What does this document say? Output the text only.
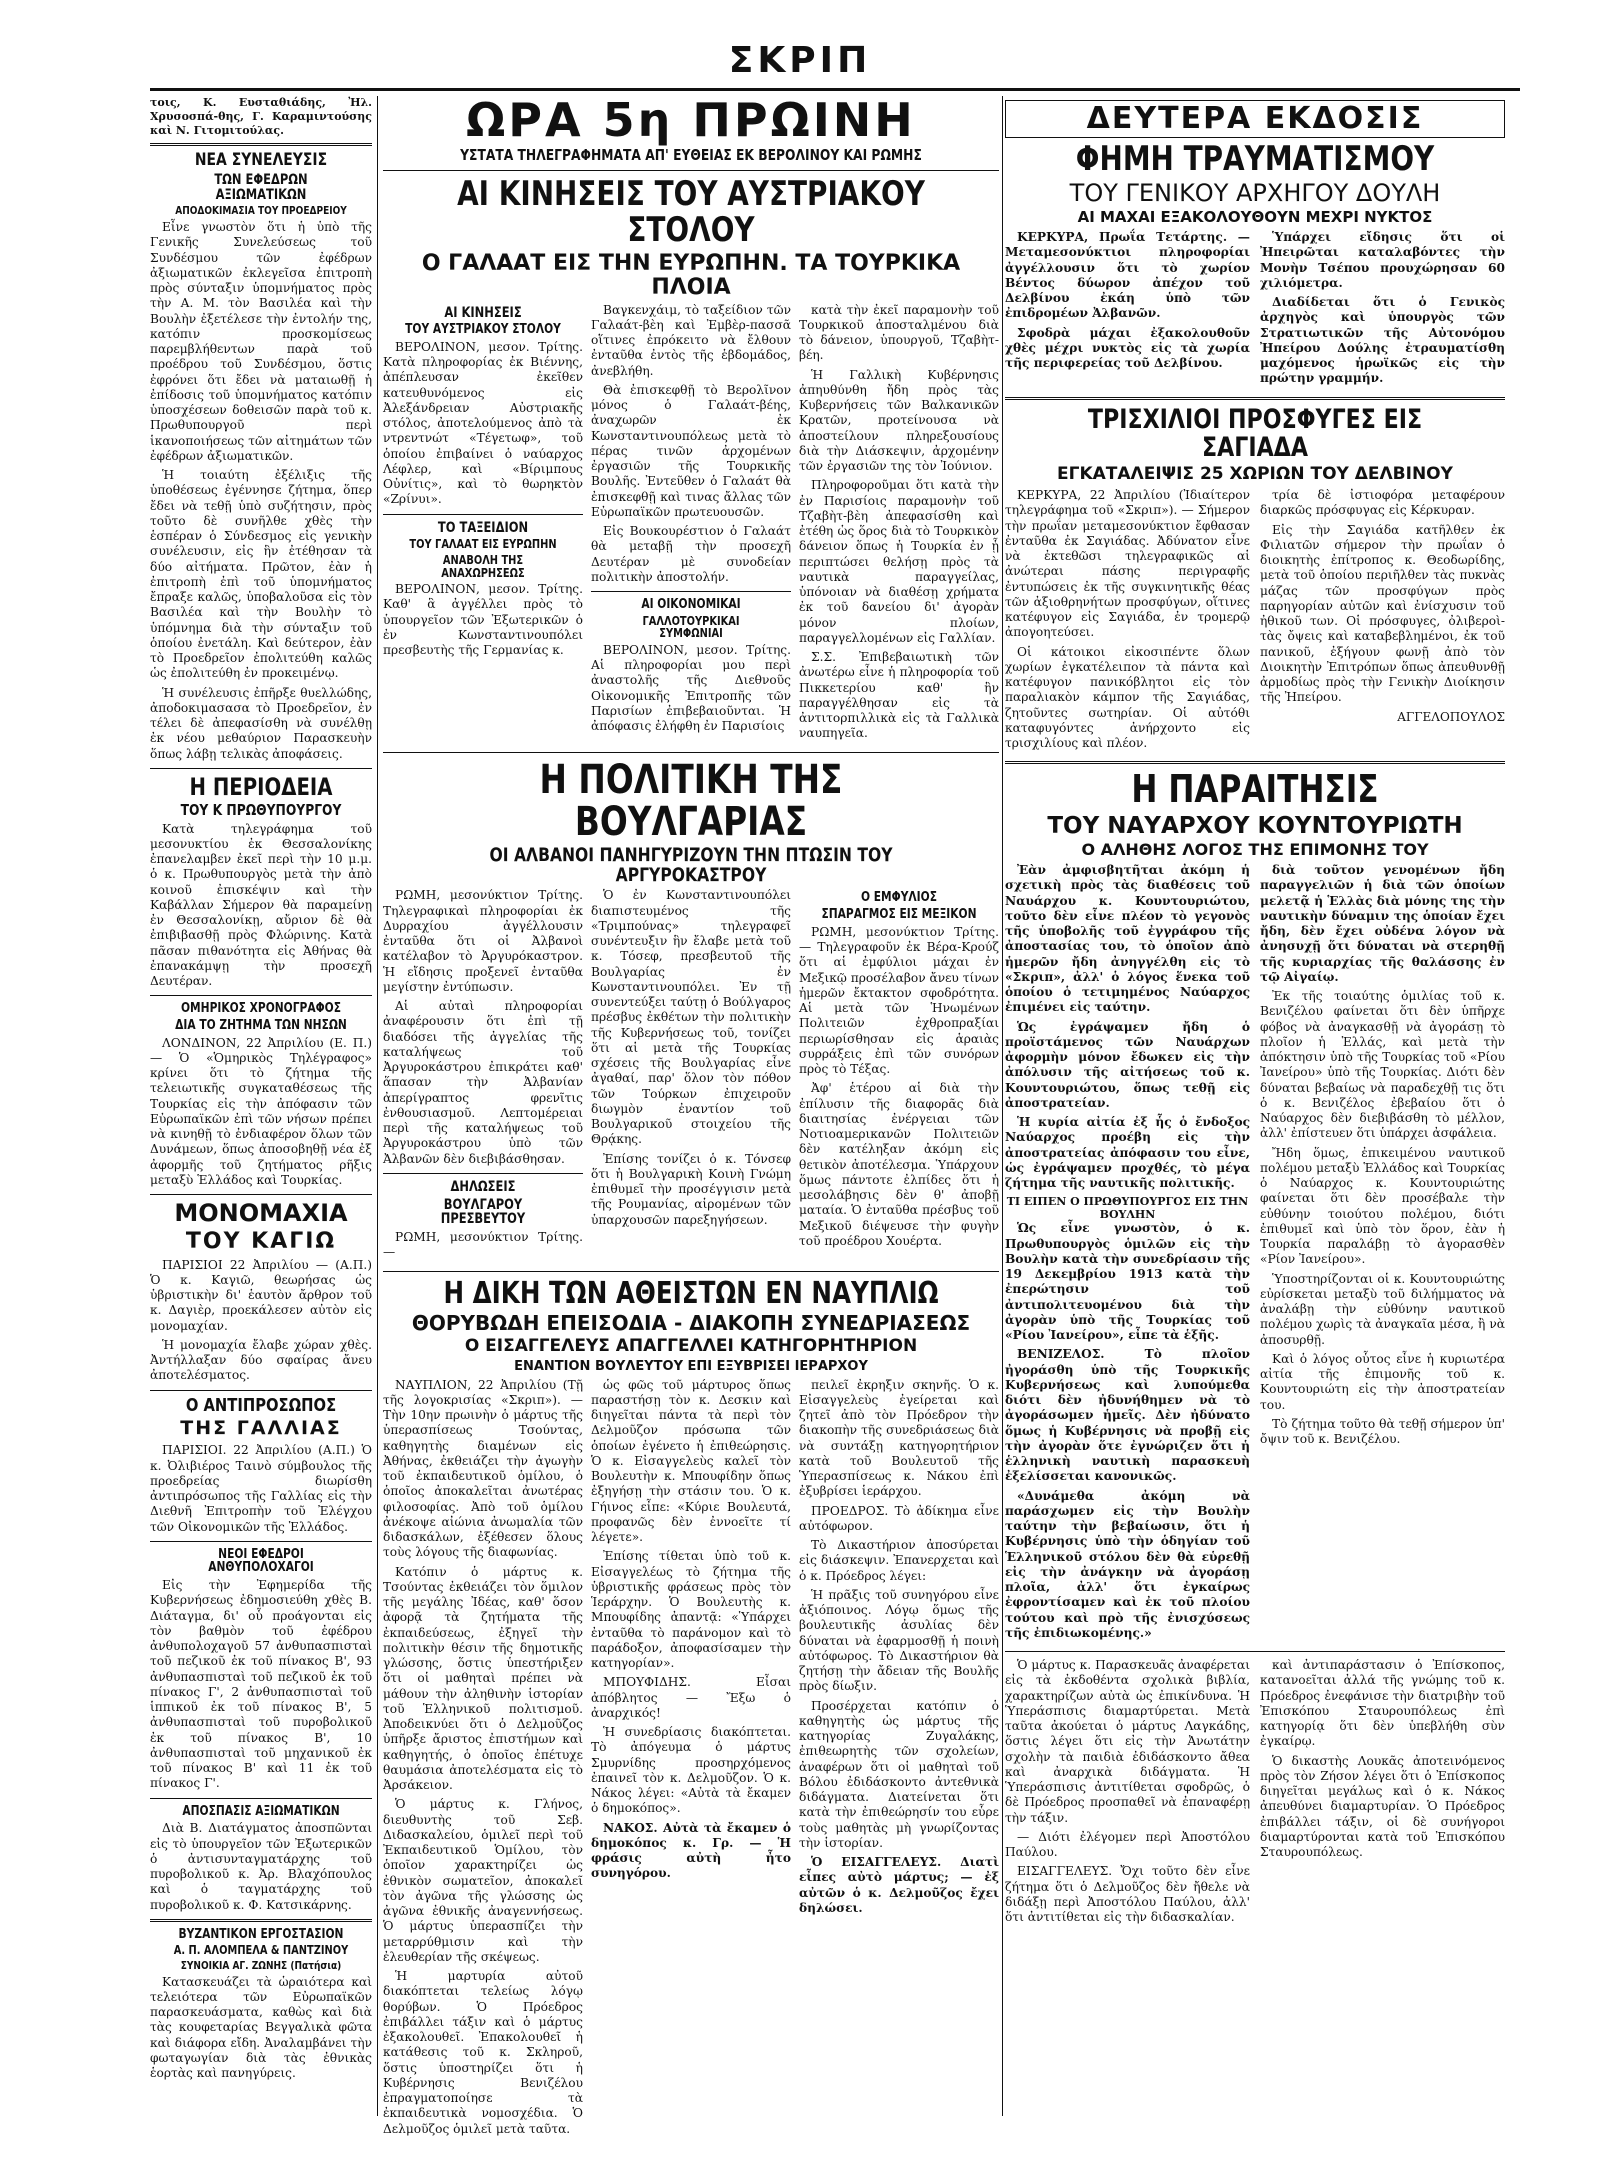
ΣΚΡΙΠ

τοις, Κ. Ευσταθιάδης, Ἠλ. Χρυσοσπά-θης, Γ. Καραμιντούσης καὶ Ν. Γιτομιτούλας.

ΝΕΑ ΣΥΝΕΛΕΥΣΙΣ
ΤΩΝ ΕΦΕΔΡΩΝ ΑΞΙΩΜΑΤΙΚΩΝ
ΑΠΟΔΟΚΙΜΑΣΙΑ ΤΟΥ ΠΡΟΕΔΡΕΙΟΥ

Εἶνε γνωστὸν ὅτι ἡ ὑπὸ τῆς Γενικῆς Συνελεύσεως τοῦ Συνδέσμου τῶν ἐφέδρων ἀξιωματικῶν ἐκλεγεῖσα ἐπιτροπὴ πρὸς σύνταξιν ὑπομνήματος πρὸς τὴν Α. Μ. τὸν Βασιλέα καὶ τὴν Βουλὴν ἐξετέλεσε τὴν ἐντολήν της, κατόπιν προσκομίσεως παρεμβλήθεντων παρὰ τοῦ προέδρου τοῦ Συνδέσμου, ὅστις ἐφρόνει ὅτι ἔδει νὰ ματαιωθῇ ἡ ἐπίδοσις τοῦ ὑπομνήματος κατόπιν ὑποσχέσεων δοθεισῶν παρὰ τοῦ κ. Πρωθυπουργοῦ περὶ ἱκανοποιήσεως τῶν αἰτημάτων τῶν ἐφέδρων ἀξιωματικῶν.

Ἡ τοιαύτη ἐξέλιξις τῆς ὑποθέσεως ἐγέννησε ζήτημα, ὅπερ ἔδει νὰ τεθῇ ὑπὸ συζήτησιν, πρὸς τοῦτο δὲ συνῆλθε χθὲς τὴν ἑσπέραν ὁ Σύνδεσμος εἰς γενικὴν συνέλευσιν, εἰς ἣν ἐτέθησαν τὰ δύο αἰτήματα. Πρῶτον, ἐὰν ἡ ἐπιτροπὴ ἐπὶ τοῦ ὑπομνήματος ἔπραξε καλῶς, ὑποβαλοῦσα εἰς τὸν Βασιλέα καὶ τὴν Βουλὴν τὸ ὑπόμνημα διὰ τὴν σύνταξιν τοῦ ὁποίου ἐνετάλη. Καὶ δεύτερον, ἐὰν τὸ Προεδρεῖον ἐπολιτεύθη καλῶς ὡς ἐπολιτεύθη ἐν προκειμένῳ.

Ἡ συνέλευσις ἐπῆρξε θυελλώδης, ἀποδοκιμασασα τὸ Προεδρεῖον, ἐν τέλει δὲ ἀπεφασίσθη νὰ συνέλθῃ ἐκ νέου μεθαύριον Παρασκευὴν ὅπως λάβῃ τελικὰς ἀποφάσεις.

Η ΠΕΡΙΟΔΕΙΑ
ΤΟΥ Κ ΠΡΩΘΥΠΟΥΡΓΟΥ

Κατὰ τηλεγράφημα τοῦ μεσονυκτίου ἐκ Θεσσαλονίκης ἐπανελαμβεν ἐκεῖ περὶ τὴν 10 μ.μ. ὁ κ. Πρωθυπουργὸς μετὰ τὴν ἀπὸ κοινοῦ ἐπισκέψιν καὶ τὴν Καβάλλαν Σήμερον θὰ παραμείνῃ ἐν Θεσσαλονίκῃ, αὔριον δὲ θὰ ἐπιβιβασθῇ πρὸς Φλώρινης. Κατὰ πᾶσαν πιθανότητα εἰς Ἀθήνας θὰ ἐπανακάμψῃ τὴν προσεχῆ Δευτέραν.

ΟΜΗΡΙΚΟΣ ΧΡΟΝΟΓΡΑΦΟΣ
ΔΙΑ ΤΟ ΖΗΤΗΜΑ ΤΩΝ ΝΗΣΩΝ

ΛΟΝΔΙΝΟΝ, 22 Ἀπριλίου (Ε. Π.) — Ὁ «Ὁμηρικὸς Τηλέγραφος» κρίνει ὅτι τὸ ζήτημα τῆς τελειωτικῆς συγκαταθέσεως τῆς Τουρκίας εἰς τὴν ἀπόφασιν τῶν Εὐρωπαϊκῶν ἐπὶ τῶν νήσων πρέπει νὰ κινηθῇ τὸ ἐνδιαφέρον ὅλων τῶν Δυνάμεων, ὅπως ἀποσοβηθῇ νέα ἐξ ἀφορμῆς τοῦ ζητήματος ρῆξις μεταξὺ Ἑλλάδος καὶ Τουρκίας.

ΜΟΝΟΜΑΧΙΑ
ΤΟΥ ΚΑΓΙΩ

ΠΑΡΙΣΙΟΙ 22 Ἀπριλίου — (Α.Π.) Ὁ κ. Καγιῶ, θεωρήσας ὡς ὑβριστικὴν δι' ἑαυτὸν ἄρθρον τοῦ κ. Δαγιὲρ, προεκάλεσεν αὐτὸν εἰς μονομαχίαν.

Ἡ μονομαχία ἔλαβε χώραν χθὲς. Ἀντήλλαξαν δύο σφαίρας ἄνευ ἀποτελέσματος.

Ο ΑΝΤΙΠΡΟΣΩΠΟΣ
ΤΗΣ ΓΑΛΛΙΑΣ

ΠΑΡΙΣΙΟΙ. 22 Ἀπριλίου (Α.Π.) Ὁ κ. Ὀλιβιέρος Ταινὸ σύμβουλος τῆς προεδρείας διωρίσθη ἀντιπρόσωπος τῆς Γαλλίας εἰς τὴν Διεθνῆ Ἐπιτροπὴν τοῦ Ἐλέγχου τῶν Οἰκονομικῶν τῆς Ἑλλάδος.

ΝΕΟΙ ΕΦΕΔΡΟΙ ΑΝΘΥΠΟΛΟΧΑΓΟΙ

Εἰς τὴν Ἐφημερίδα τῆς Κυβερνήσεως ἐδημοσιεύθη χθὲς Β. Διάταγμα, δι' οὗ προάγονται εἰς τὸν βαθμὸν τοῦ ἐφέδρου ἀνθυπολοχαγοῦ 57 ἀνθυπασπισταὶ τοῦ πεζικοῦ ἐκ τοῦ πίνακος Β', 93 ἀνθυπασπισταὶ τοῦ πεζικοῦ ἐκ τοῦ πίνακος Γ', 2 ἀνθυπασπισταὶ τοῦ ἱππικοῦ ἐκ τοῦ πίνακος Β', 5 ἀνθυπασπισταὶ τοῦ πυροβολικοῦ ἐκ τοῦ πίνακος Β', 10 ἀνθυπασπισταὶ τοῦ μηχανικοῦ ἐκ τοῦ πίνακος Β' καὶ 11 ἐκ τοῦ πίνακος Γ'.

ΑΠΟΣΠΑΣΙΣ ΑΞΙΩΜΑΤΙΚΩΝ

Διὰ Β. Διατάγματος ἀποσπῶνται εἰς τὸ ὑπουργεῖον τῶν Ἐξωτερικῶν ὁ ἀντισυνταγματάρχης τοῦ πυροβολικοῦ κ. Ἀρ. Βλαχόπουλος καὶ ὁ ταγματάρχης τοῦ πυροβολικοῦ κ. Φ. Κατσικάρνης.

ΒΥΖΑΝΤΙΚΟΝ ΕΡΓΟΣΤΑΣΙΟΝ
Α. Π. ΑΛΟΜΠΕΛΑ & ΠΑΝΤΖΙΝΟΥ
ΣΥΝΟΙΚΙΑ ΑΓ. ΖΩΝΗΣ (Πατήσια)

Κατασκευάζει τὰ ὡραιότερα καὶ τελειότερα τῶν Εὐρωπαϊκῶν παρασκευάσματα, καθὼς καὶ διὰ τὰς κουφεταρίας Βεγγαλικὰ φῶτα καὶ διάφορα εἴδη. Ἀναλαμβάνει τὴν φωταγωγίαν διὰ τὰς ἐθνικὰς ἑορτὰς καὶ πανηγύρεις.

ΩΡΑ 5η ΠΡΩΙΝΗ
ΥΣΤΑΤΑ ΤΗΛΕΓΡΑΦΗΜΑΤΑ ΑΠ' ΕΥΘΕΙΑΣ ΕΚ ΒΕΡΟΛΙΝΟΥ ΚΑΙ ΡΩΜΗΣ
ΑΙ ΚΙΝΗΣΕΙΣ ΤΟΥ ΑΥΣΤΡΙΑΚΟΥ ΣΤΟΛΟΥ
Ο ΓΑΛΑΑΤ ΕΙΣ ΤΗΝ ΕΥΡΩΠΗΝ. ΤΑ ΤΟΥΡΚΙΚΑ ΠΛΟΙΑ
ΑΙ ΚΙΝΗΣΕΙΣ
ΤΟΥ ΑΥΣΤΡΙΑΚΟΥ ΣΤΟΛΟΥ

ΒΕΡΟΛΙΝΟΝ, μεσον. Τρίτης. Κατὰ πληροφορίας ἐκ Βιέννης, ἀπέπλευσαν ἐκεῖθεν κατευθυνόμενος εἰς Ἀλεξάνδρειαν Αὐστριακῆς στόλος, ἀποτελούμενος ἀπὸ τὰ ντρεντνώτ «Τέγετωφ», τοῦ ὁποίου ἐπιβαίνει ὁ ναύαρχος Λέφλερ, καὶ «Βίριμπους Οὐνίτις», καὶ τὸ θωρηκτὸν «Ζρίνυι».

ΤΟ ΤΑΞΕΙΔΙΟΝ
ΤΟΥ ΓΑΛΑΑΤ ΕΙΣ ΕΥΡΩΠΗΝ
ΑΝΑΒΟΛΗ ΤΗΣ ΑΝΑΧΩΡΗΣΕΩΣ

ΒΕΡΟΛΙΝΟΝ, μεσον. Τρίτης. Καθ' ἃ ἀγγέλλει πρὸς τὸ ὑπουργεῖον τῶν Ἐξωτερικῶν ὁ ἐν Κωνσταντινουπόλει πρεσβευτὴς τῆς Γερμανίας κ.

Βαγκενχάιμ, τὸ ταξείδιον τῶν Γαλαάτ-βὲη καὶ Ἐμβὲρ-πασσᾶ οἵτινες ἐπρόκειτο νὰ ἔλθουν ἐνταῦθα ἐντὸς τῆς ἑβδομάδος, ἀνεβλήθη.

Θὰ ἐπισκεφθῇ τὸ Βερολῖνον μόνος ὁ Γαλαάτ-βέης, ἀναχωρῶν ἐκ Κωνσταντινουπόλεως μετὰ τὸ πέρας τινῶν ἀρχομένων ἐργασιῶν τῆς Τουρκικῆς Βουλῆς. Ἐντεῦθεν ὁ Γαλαάτ θὰ ἐπισκεφθῇ καὶ τινας ἄλλας τῶν Εὐρωπαϊκῶν πρωτευουσῶν.

Εἰς Βουκουρέστιον ὁ Γαλαάτ θὰ μεταβῇ τὴν προσεχῆ Δευτέραν μὲ συνοδείαν πολιτικὴν ἀποστολήν.

ΑΙ ΟΙΚΟΝΟΜΙΚΑΙ
ΓΑΛΛΟΤΟΥΡΚΙΚΑΙ ΣΥΜΦΩΝΙΑΙ

ΒΕΡΟΛΙΝΟΝ, μεσον. Τρίτης. Αἱ πληροφορίαι μου περὶ ἀναστολῆς τῆς Διεθνοῦς Οἰκονομικῆς Ἐπιτροπῆς τῶν Παρισίων ἐπιβεβαιοῦνται. Ἡ ἀπόφασις ἐλήφθη ἐν Παρισίοις

κατὰ τὴν ἐκεῖ παραμονὴν τοῦ Τουρκικοῦ ἀποσταλμένου διὰ τὸ δάνειον, ὑπουργοῦ, Τζαβὴτ-βέη.

Ἡ Γαλλικὴ Κυβέρνησις ἀπηυθύνθη ἤδη πρὸς τὰς Κυβερνήσεις τῶν Βαλκανικῶν Κρατῶν, προτείνουσα νὰ ἀποστείλουν πληρεξουσίους διὰ τὴν Διάσκεψιν, ἀρχομένην τῶν ἐργασιῶν της τὸν Ἰούνιον.

Πληροφοροῦμαι ὅτι κατὰ τὴν ἐν Παρισίοις παραμονὴν τοῦ Τζαβὴτ-βὲη ἀπεφασίσθη καὶ ἐτέθη ὡς ὅρος διὰ τὸ Τουρκικὸν δάνειον ὅπως ἡ Τουρκία ἐν ᾗ περιπτώσει θελήσῃ πρὸς τὰ ναυτικὰ παραγγείλας, ὑπόνοιαν νὰ διαθέσῃ χρήματα ἐκ τοῦ δανείου δι' ἀγορὰν μόνον πλοίων, παραγγελλομένων εἰς Γαλλίαν.

Σ.Σ. Ἐπιβεβαιωτικὴ τῶν ἀνωτέρω εἶνε ἡ πληροφορία τοῦ Πικκετερίου καθ' ἣν παραγγέλθησαν εἰς τὰ ἀντιτορπιλλικὰ εἰς τὰ Γαλλικὰ ναυπηγεῖα.

Η ΠΟΛΙΤΙΚΗ ΤΗΣ ΒΟΥΛΓΑΡΙΑΣ
ΟΙ ΑΛΒΑΝΟΙ ΠΑΝΗΓΥΡΙΖΟΥΝ ΤΗΝ ΠΤΩΣΙΝ ΤΟΥ ΑΡΓΥΡΟΚΑΣΤΡΟΥ

ΡΩΜΗ, μεσονύκτιον Τρίτης. Τηλεγραφικαὶ πληροφορίαι ἐκ Δυρραχίου ἀγγέλλουσιν ἐνταῦθα ὅτι οἱ Ἀλβανοὶ κατέλαβον τὸ Ἀργυρόκαστρον. Ἡ εἴδησις προξενεῖ ἐνταῦθα μεγίστην ἐντύπωσιν.

Αἱ αὐταὶ πληροφορίαι ἀναφέρουσιν ὅτι ἐπὶ τῇ διαδόσει τῆς ἀγγελίας τῆς καταλήψεως τοῦ Ἀργυροκάστρου ἐπικράτει καθ' ἅπασαν τὴν Ἀλβανίαν ἀπερίγραπτος φρενῖτις ἐνθουσιασμοῦ. Λεπτομέρειαι περὶ τῆς καταλήψεως τοῦ Ἀργυροκάστρου ὑπὸ τῶν Ἀλβανῶν δὲν διεβιβάσθησαν.

ΔΗΛΩΣΕΙΣ
ΒΟΥΛΓΑΡΟΥ ΠΡΕΣΒΕΥΤΟΥ

ΡΩΜΗ, μεσονύκτιον Τρίτης. —

Ὁ ἐν Κωνσταντινουπόλει διαπιστευμένος τῆς «Τριμπούνας» τηλεγραφεῖ συνέντευξιν ἣν ἔλαβε μετὰ τοῦ κ. Τόσεφ, πρεσβευτοῦ τῆς Βουλγαρίας ἐν Κωνσταντινουπόλει. Ἐν τῇ συνεντεύξει ταύτῃ ὁ Βούλγαρος πρέσβυς ἐκθέτων τὴν πολιτικὴν τῆς Κυβερνήσεως τοῦ, τονίζει ὅτι αἱ μετὰ τῆς Τουρκίας σχέσεις τῆς Βουλγαρίας εἶνε ἀγαθαί, παρ' ὅλον τὸν πόθον τῶν Τούρκων ἐπιχειροῦν διωγμὸν ἐναντίον τοῦ Βουλγαρικοῦ στοιχείου τῆς Θρᾴκης.

Ἐπίσης τονίζει ὁ κ. Τόνσεφ ὅτι ἡ Βουλγαρικὴ Κοινὴ Γνώμη ἐπιθυμεῖ τὴν προσέγγισιν μετὰ τῆς Ρουμανίας, αἱρομένων τῶν ὑπαρχουσῶν παρεξηγήσεων.

Ο ΕΜΦΥΛΙΟΣ
ΣΠΑΡΑΓΜΟΣ ΕΙΣ ΜΕΞΙΚΟΝ

ΡΩΜΗ, μεσονύκτιον Τρίτης. — Τηλεγραφοῦν ἐκ Βέρα-Κρούζ ὅτι αἱ ἐμφύλιοι μάχαι ἐν Μεξικῷ προσέλαβον ἄνευ τίνων ἡμερῶν ἔκτακτον σφοδρότητα. Αἱ μετὰ τῶν Ἡνωμένων Πολιτειῶν ἐχθροπραξίαι περιωρίσθησαν εἰς ἁραιὰς συρράξεις ἐπὶ τῶν συνόρων πρὸς τὸ Τέξας.

Ἀφ' ἑτέρου αἱ διὰ τὴν ἐπίλυσιν τῆς διαφορᾶς διὰ διαιτησίας ἐνέργειαι τῶν Νοτιοαμερικανῶν Πολιτειῶν δὲν κατέληξαν ἀκόμη εἰς θετικὸν ἀποτέλεσμα. Ὑπάρχουν ὅμως πάντοτε ἐλπίδες ὅτι ἡ μεσολάβησις δὲν θ' ἀποβῇ ματαία. Ὁ ἐνταῦθα πρέσβυς τοῦ Μεξικοῦ διέψευσε τὴν φυγὴν τοῦ προέδρου Χουέρτα.

Η ΔΙΚΗ ΤΩΝ ΑΘΕΙΣΤΩΝ ΕΝ ΝΑΥΠΛΙΩ
ΘΟΡΥΒΩΔΗ ΕΠΕΙΣΟΔΙΑ - ΔΙΑΚΟΠΗ ΣΥΝΕΔΡΙΑΣΕΩΣ
Ο ΕΙΣΑΓΓΕΛΕΥΣ ΑΠΑΓΓΕΛΛΕΙ ΚΑΤΗΓΟΡΗΤΗΡΙΟΝ
ΕΝΑΝΤΙΟΝ ΒΟΥΛΕΥΤΟΥ ΕΠΙ ΕΞΥΒΡΙΣΕΙ ΙΕΡΑΡΧΟΥ

ΝΑΥΠΛΙΟΝ, 22 Ἀπριλίου (Τῇ τῆς λογοκρισίας «Σκριπ»). — Τὴν 10ην πρωινὴν ὁ μάρτυς τῆς ὑπερασπίσεως Τσούντας, καθηγητὴς διαμένων εἰς Ἀθήνας, ἐκθειάζει τὴν ἀγωγὴν τοῦ ἐκπαιδευτικοῦ ὁμίλου, ὁ ὁποῖος ἀποκαλεῖται ἀνωτέρας φιλοσοφίας. Ἀπὸ τοῦ ὁμίλου ἀνέκοψε αἰώνια ἀνωμαλία τῶν διδασκάλων, ἐξέθεσεν ὅλους τοὺς λόγους τῆς διαφωνίας.

Κατόπιν ὁ μάρτυς κ. Τσούντας ἐκθειάζει τὸν ὅμιλον τῆς μεγάλης Ἰδέας, καθ' ὅσον ἀφορᾷ τὰ ζητήματα τῆς ἐκπαιδεύσεως, ἐξηγεῖ τὴν πολιτικὴν θέσιν τῆς δημοτικῆς γλώσσης, ὅστις ὑπεστήριξεν ὅτι οἱ μαθηταὶ πρέπει νὰ μάθουν τὴν ἀληθινὴν ἱστορίαν τοῦ Ἑλληνικοῦ πολιτισμοῦ. Ἀποδεικνύει ὅτι ὁ Δελμοῦζος ὑπῆρξε ἄριστος ἐπιστήμων καὶ καθηγητής, ὁ ὁποῖος ἐπέτυχε θαυμάσια ἀποτελέσματα εἰς τὸ Ἀρσάκειον.

Ὁ μάρτυς κ. Γλήνος, διευθυντὴς τοῦ Σεβ. Διδασκαλείου, ὁμιλεῖ περὶ τοῦ Ἐκπαιδευτικοῦ Ὁμίλου, τὸν ὁποῖον χαρακτηρίζει ὡς ἐθνικὸν σωματεῖον, ἀποκαλεῖ τὸν ἀγῶνα τῆς γλώσσης ὡς ἀγῶνα ἐθνικῆς ἀναγεννήσεως. Ὁ μάρτυς ὑπερασπίζει τὴν μεταρρύθμισιν καὶ τὴν ἐλευθερίαν τῆς σκέψεως.

Ἡ μαρτυρία αὐτοῦ διακόπτεται τελείως λόγῳ θορύβων. Ὁ Πρόεδρος ἐπιβάλλει τάξιν καὶ ὁ μάρτυς ἐξακολουθεῖ. Ἐπακολουθεῖ ἡ κατάθεσις τοῦ κ. Σκληροῦ, ὅστις ὑποστηρίζει ὅτι ἡ Κυβέρνησις Βενιζέλου ἐπραγματοποίησε τὰ ἐκπαιδευτικὰ νομοσχέδια. Ὁ Δελμοῦζος ὁμιλεῖ μετὰ ταῦτα.

ὡς φῶς τοῦ μάρτυρος ὅπως παραστήσῃ τὸν κ. Δεσκιν καὶ διηγεῖται πάντα τὰ περὶ τὸν Δελμοῦζον πρόσωπα τῶν ὁποίων ἐγένετο ἡ ἐπιθεώρησις. Ὁ κ. Εἰσαγγελεὺς καλεῖ τὸν Βουλευτὴν κ. Μπουφίδην ὅπως ἐξηγήσῃ τὴν στάσιν του. Ὁ κ. Γήινος εἶπε: «Κύριε Βουλευτά, προφανῶς δὲν ἐννοεῖτε τί λέγετε».

Ἐπίσης τίθεται ὑπὸ τοῦ κ. Εἰσαγγελέως τὸ ζήτημα τῆς ὑβριστικῆς φράσεως πρὸς τὸν Ἱεράρχην. Ὁ Βουλευτὴς κ. Μπουφίδης ἀπαντᾷ: «Ὑπάρχει ἐνταῦθα τὸ παράνομον καὶ τὸ παράδοξον, ἀποφασίσαμεν τὴν κατηγορίαν».

ΜΠΟΥΦΙΔΗΣ. Εἶσαι ἀπόβλητος — Ἔξω ὁ ἀναρχικός!

Ἡ συνεδρίασις διακόπτεται. Τὸ ἀπόγευμα ὁ μάρτυς Σμυρνίδης προσηρχόμενος ἐπαινεῖ τὸν κ. Δελμοῦζον. Ὁ κ. Νάκος λέγει: «Αὐτὰ τὰ ἔκαμεν ὁ δημοκόπος».

ΝΑΚΟΣ. Αὐτὰ τὰ ἔκαμεν ὁ δημοκόπος κ. Γρ. — Ἡ φράσις αὐτὴ ἦτο συνηγόρου.

πειλεῖ ἐκρηξιν σκηνῆς. Ὁ κ. Εἰσαγγελεὺς ἐγείρεται καὶ ζητεῖ ἀπὸ τὸν Πρόεδρον τὴν διακοπὴν τῆς συνεδριάσεως διὰ νὰ συντάξῃ κατηγορητήριον κατὰ τοῦ Βουλευτοῦ τῆς Ὑπερασπίσεως κ. Νάκου ἐπὶ ἐξυβρίσει ἱεράρχου.

ΠΡΟΕΔΡΟΣ. Τὸ ἀδίκημα εἶνε αὐτόφωρον.

Τὸ Δικαστήριον ἀποσύρεται εἰς διάσκεψιν. Ἐπανερχεται καὶ ὁ κ. Πρόεδρος λέγει:

Ἡ πρᾶξις τοῦ συνηγόρου εἶνε ἀξιόποινος. Λόγῳ ὅμως τῆς βουλευτικῆς ἀσυλίας δὲν δύναται νὰ ἐφαρμοσθῇ ἡ ποινὴ αὐτόφωρος. Τὸ Δικαστήριον θὰ ζητήσῃ τὴν ἄδειαν τῆς Βουλῆς πρὸς δίωξιν.

Προσέρχεται κατόπιν ὁ καθηγητὴς ὡς μάρτυς τῆς κατηγορίας Ζυγαλάκης, ἐπιθεωρητὴς τῶν σχολείων, ἀναφέρων ὅτι οἱ μαθηταὶ τοῦ Βόλου ἐδιδάσκοντο ἀντεθνικὰ διδάγματα. Διατείνεται ὅτι κατὰ τὴν ἐπιθεώρησίν του εὗρε τοὺς μαθητὰς μὴ γνωρίζοντας τὴν ἱστορίαν.

Ὁ ΕΙΣΑΓΓΕΛΕΥΣ. Διατὶ εἶπες αὐτὸ μάρτυς; — ἐξ αὐτῶν ὁ κ. Δελμοῦζος ἔχει δηλώσει.

ΔΕΥΤΕΡΑ ΕΚΔΟΣΙΣ
ΦΗΜΗ ΤΡΑΥΜΑΤΙΣΜΟΥ
ΤΟΥ ΓΕΝΙΚΟΥ ΑΡΧΗΓΟΥ ΔΟΥΛΗ
ΑΙ ΜΑΧΑΙ ΕΞΑΚΟΛΟΥΘΟΥΝ ΜΕΧΡΙ ΝΥΚΤΟΣ

ΚΕΡΚΥΡΑ, Πρωΐα Τετάρτης. — Μεταμεσονύκτιοι πληροφορίαι ἀγγέλλουσιν ὅτι τὸ χωρίον Βέντος δύωρον ἀπέχον τοῦ Δελβίνου ἐκάη ὑπὸ τῶν ἐπιδρομέων Ἀλβανῶν.

Σφοδρὰ μάχαι ἐξακολουθοῦν χθὲς μέχρι νυκτὸς εἰς τὰ χωρία τῆς περιφερείας τοῦ Δελβίνου.

Ὑπάρχει εἴδησις ὅτι οἱ Ἠπειρῶται καταλαβόντες τὴν Μονὴν Τσέπου προυχώρησαν 60 χιλιόμετρα.

Διαδίδεται ὅτι ὁ Γενικὸς ἀρχηγὸς καὶ ὑπουργὸς τῶν Στρατιωτικῶν τῆς Αὐτονόμου Ἠπείρου Δούλης ἐτραυματίσθη μαχόμενος ἡρωϊκῶς εἰς τὴν πρώτην γραμμήν.

ΤΡΙΣΧΙΛΙΟΙ ΠΡΟΣΦΥΓΕΣ ΕΙΣ ΣΑΓΙΑΔΑ
ΕΓΚΑΤΑΛΕΙΨΙΣ 25 ΧΩΡΙΩΝ ΤΟΥ ΔΕΛΒΙΝΟΥ

ΚΕΡΚΥΡΑ, 22 Ἀπριλίου (Ἰδιαίτερον τηλεγράφημα τοῦ «Σκριπ»). — Σήμερον τὴν πρωΐαν μεταμεσονύκτιον ἔφθασαν ἐνταῦθα ἐκ Σαγιάδας. Ἀδύνατον εἶνε νὰ ἐκτεθῶσι τηλεγραφικῶς αἱ ἀνώτεραι πάσης περιγραφῆς ἐντυπώσεις ἐκ τῆς συγκινητικῆς θέας τῶν ἀξιοθρηνήτων προσφύγων, οἵτινες κατέφυγον εἰς Σαγιάδα, ἐν τρομερῷ ἀπογοητεύσει.

Οἱ κάτοικοι εἰκοσιπέντε ὅλων χωρίων ἐγκατέλειπον τὰ πάντα καὶ κατέφυγον πανικόβλητοι εἰς τὸν παραλιακὸν κάμπον τῆς Σαγιάδας, ζητοῦντες σωτηρίαν. Οἱ αὐτόθι καταφυγόντες ἀνήρχοντο εἰς τρισχιλίους καὶ πλέον.

τρία δὲ ἰστιοφόρα μεταφέρουν διαρκῶς πρόσφυγας εἰς Κέρκυραν.

Εἰς τὴν Σαγιάδα κατῆλθεν ἐκ Φιλιατῶν σήμερον τὴν πρωΐαν ὁ διοικητὴς ἐπίτροπος κ. Θεοδωρίδης, μετὰ τοῦ ὁποίου περιῆλθεν τὰς πυκνὰς μάζας τῶν προσφύγων πρὸς παρηγορίαν αὐτῶν καὶ ἐνίσχυσιν τοῦ ἠθικοῦ των. Οἱ πρόσφυγες, ὀλιβεροὶ-τὰς ὄψεις καὶ καταβεβλημένοι, ἐκ τοῦ πανικοῦ, ἐξήγουν φωνῇ ἀπὸ τὸν Διοικητὴν Ἐπιτρόπων ὅπως ἀπευθυνθῇ ἀρμοδίως πρὸς τὴν Γενικὴν Διοίκησιν τῆς Ἠπείρου.

ΑΓΓΕΛΟΠΟΥΛΟΣ
Η ΠΑΡΑΙΤΗΣΙΣ
ΤΟΥ ΝΑΥΑΡΧΟΥ ΚΟΥΝΤΟΥΡΙΩΤΗ
Ο ΑΛΗΘΗΣ ΛΟΓΟΣ ΤΗΣ ΕΠΙΜΟΝΗΣ ΤΟΥ

Ἐὰν ἀμφισβητῆται ἀκόμη ἡ σχετικὴ πρὸς τὰς διαθέσεις τοῦ Ναυάρχου κ. Κουντουριώτου, τοῦτο δὲν εἶνε πλέον τὸ γεγονὸς τῆς ὑποβολῆς τοῦ ἐγγράφου τῆς ἀποστασίας του, τὸ ὁποῖον ἀπὸ ἡμερῶν ἤδη ἀνηγγέλθη εἰς τὸ «Σκριπ», ἀλλ' ὁ λόγος ἕνεκα τοῦ ὁποίου ὁ τετιμημένος Ναύαρχος ἐπιμένει εἰς ταύτην.

Ὡς ἐγράψαμεν ἤδη ὁ προϊστάμενος τῶν Ναυάρχων ἀφορμὴν μόνον ἔδωκεν εἰς τὴν ἀπόλυσιν τῆς αἰτήσεως τοῦ κ. Κουντουριώτου, ὅπως τεθῇ εἰς ἀποστρατείαν.

Ἡ κυρία αἰτία ἐξ ἧς ὁ ἔνδοξος Ναύαρχος προέβη εἰς τὴν ἀποστρατείας ἀπόφασιν του εἶνε, ὡς ἐγράψαμεν προχθές, τὸ μέγα ζήτημα τῆς ναυτικῆς πολιτικῆς.

ΤΙ ΕΙΠΕΝ Ο ΠΡΩΘΥΠΟΥΡΓΟΣ ΕΙΣ ΤΗΝ ΒΟΥΛΗΝ

Ὡς εἶνε γνωστὸν, ὁ κ. Πρωθυπουργὸς ὁμιλῶν εἰς τὴν Βουλὴν κατὰ τὴν συνεδρίασιν τῆς 19 Δεκεμβρίου 1913 κατὰ τὴν ἐπερώτησιν τοῦ ἀντιπολιτευομένου διὰ τὴν ἀγορὰν ὑπὸ τῆς Τουρκίας τοῦ «Ρίου Ἰανείρου», εἶπε τὰ ἑξῆς.

ΒΕΝΙΖΕΛΟΣ. Τὸ πλοῖον ἠγοράσθη ὑπὸ τῆς Τουρκικῆς Κυβερνήσεως καὶ λυπούμεθα διότι δὲν ἠδυνήθημεν νὰ τὸ ἀγοράσωμεν ἡμεῖς. Δὲν ἠδύνατο ὅμως ἡ Κυβέρνησις νὰ προβῇ εἰς τὴν ἀγορὰν ὅτε ἐγνώριζεν ὅτι ἡ ἑλληνικὴ ναυτικὴ παρασκευὴ ἐξελίσσεται κανονικῶς.

«Δυνάμεθα ἀκόμη νὰ παράσχωμεν εἰς τὴν Βουλὴν ταύτην τὴν βεβαίωσιν, ὅτι ἡ Κυβέρνησις ὑπὸ τὴν ὁδηγίαν τοῦ Ἑλληνικοῦ στόλου δὲν θὰ εὑρεθῇ εἰς τὴν ἀνάγκην νὰ ἀγοράσῃ πλοῖα, ἀλλ' ὅτι ἐγκαίρως ἐφροντίσαμεν καὶ ἐκ τοῦ πλοίου τούτου καὶ πρὸ τῆς ἐνισχύσεως τῆς ἐπιδιωκομένης.»

διὰ τοῦτον γενομένων ἤδη παραγγελιῶν ἡ διὰ τῶν ὁποίων μελετᾷ ἡ Ἑλλὰς διὰ μόνης της τὴν ναυτικὴν δύναμιν της ὁποίαν ἔχει ἤδη, δὲν ἔχει οὐδένα λόγον νὰ ἀνησυχῇ ὅτι δύναται νὰ στερηθῇ τῆς κυριαρχίας τῆς θαλάσσης ἐν τῷ Αἰγαίῳ.

Ἐκ τῆς τοιαύτης ὁμιλίας τοῦ κ. Βενιζέλου φαίνεται ὅτι δὲν ὑπῆρχε φόβος νὰ ἀναγκασθῇ νὰ ἀγοράσῃ τὸ πλοῖον ἡ Ἑλλάς, καὶ μετὰ τὴν ἀπόκτησιν ὑπὸ τῆς Τουρκίας τοῦ «Ρίου Ἰανείρου» ὑπὸ τῆς Τουρκίας. Διότι δὲν δύναται βεβαίως νὰ παραδεχθῇ τις ὅτι ὁ κ. Βενιζέλος ἐβεβαίου ὅτι ὁ Ναύαρχος δὲν διεβιβάσθη τὸ μέλλον, ἀλλ' ἐπίστευεν ὅτι ὑπάρχει ἀσφάλεια.

Ἤδη ὅμως, ἐπικειμένου ναυτικοῦ πολέμου μεταξὺ Ἑλλάδος καὶ Τουρκίας ὁ Ναύαρχος κ. Κουντουριώτης φαίνεται ὅτι δὲν προσέβαλε τὴν εὐθύνην τοιούτου πολέμου, διότι ἐπιθυμεῖ καὶ ὑπὸ τὸν ὅρον, ἐὰν ἡ Τουρκία παραλάβῃ τὸ ἀγορασθὲν «Ρίον Ἰανείρου».

Ὑποστηρίζονται οἱ κ. Κουντουριώτης εὐρίσκεται μεταξὺ τοῦ διλήμματος νὰ ἀναλάβῃ τὴν εὐθύνην ναυτικοῦ πολέμου χωρὶς τὰ ἀναγκαῖα μέσα, ἢ νὰ ἀποσυρθῇ.

Καὶ ὁ λόγος οὗτος εἶνε ἡ κυριωτέρα αἰτία τῆς ἐπιμονῆς τοῦ κ. Κουντουριώτη εἰς τὴν ἀποστρατείαν του.

Τὸ ζήτημα τοῦτο θὰ τεθῇ σήμερον ὑπ' ὄψιν τοῦ κ. Βενιζέλου.

Ὁ μάρτυς κ. Παρασκευᾶς ἀναφέρεται εἰς τὰ ἐκδοθέντα σχολικὰ βιβλία, χαρακτηρίζων αὐτὰ ὡς ἐπικίνδυνα. Ἡ Ὑπεράσπισις διαμαρτύρεται. Μετὰ ταῦτα ἀκούεται ὁ μάρτυς Λαγκάδης, ὅστις λέγει ὅτι εἰς τὴν Ἀνωτάτην σχολὴν τὰ παιδιὰ ἐδιδάσκοντο ἄθεα καὶ ἀναρχικὰ διδάγματα. Ἡ Ὑπεράσπισις ἀντιτίθεται σφοδρῶς, ὁ δὲ Πρόεδρος προσπαθεῖ νὰ ἐπαναφέρῃ τὴν τάξιν.

— Διότι ἐλέγομεν περὶ Ἀποστόλου Παύλου.

ΕΙΣΑΓΓΕΛΕΥΣ. Ὄχι τοῦτο δὲν εἶνε ζήτημα ὅτι ὁ Δελμοῦζος δὲν ἤθελε νὰ διδάξῃ περὶ Ἀποστόλου Παύλου, ἀλλ' ὅτι ἀντιτίθεται εἰς τὴν διδασκαλίαν.

καὶ ἀντιπαράστασιν ὁ Ἐπίσκοπος, κατανοεῖται ἀλλά τῆς γνώμης τοῦ κ. Πρόεδρος ἐνεφάνισε τὴν διατριβὴν τοῦ Ἐπισκόπου Σταυρουπόλεως ἐπὶ κατηγορίᾳ ὅτι δὲν ὑπεβλήθη σὺν ἐγκαίρῳ.

Ὁ δικαστὴς Λουκᾶς ἀποτεινόμενος πρὸς τὸν Ζήσον λέγει ὅτι ὁ Ἐπίσκοπος διηγεῖται μεγάλως καὶ ὁ κ. Νάκος ἀπευθύνει διαμαρτυρίαν. Ὁ Πρόεδρος ἐπιβάλλει τάξιν, οἱ δὲ συνήγοροι διαμαρτύρονται κατὰ τοῦ Ἐπισκόπου Σταυρουπόλεως.
